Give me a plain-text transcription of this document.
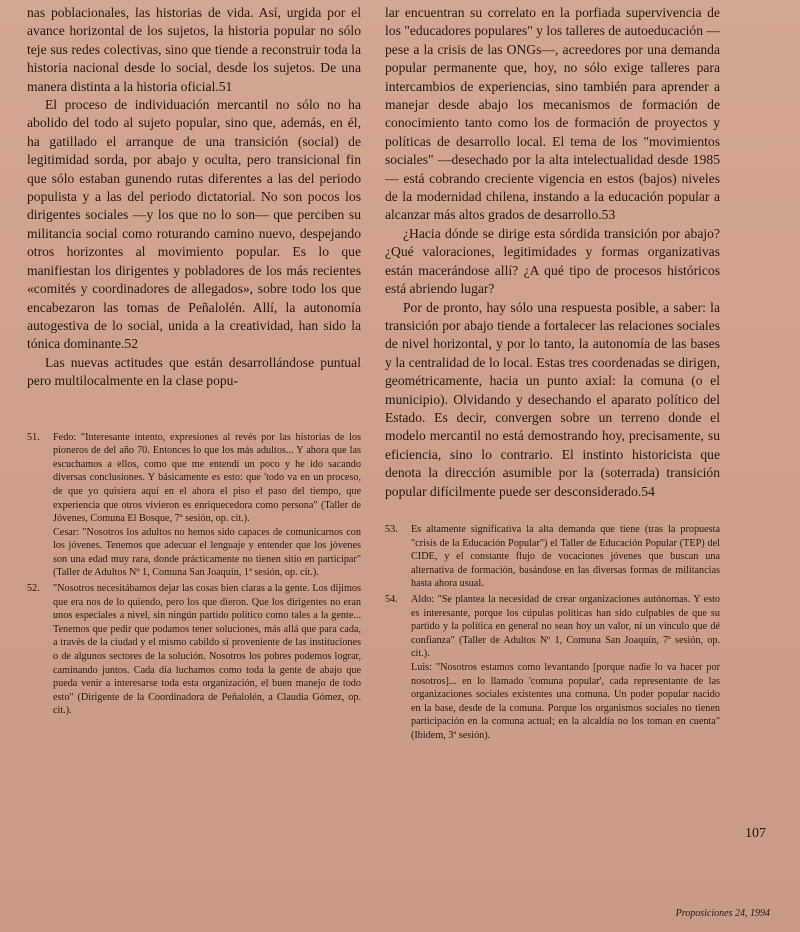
nas poblacionales, las historias de vida. Así, urgida por el avance horizontal de los sujetos, la historia popular no sólo teje sus redes colectivas, sino que tiende a reconstruir toda la historia nacional desde lo social, desde los sujetos. De una manera distinta a la historia oficial.51

El proceso de individuación mercantil no sólo no ha abolido del todo al sujeto popular, sino que, además, en él, ha gatillado el arranque de una transición (social) de legitimidad sorda, por abajo y oculta, pero transicional fin que sólo estaban gunendo rutas diferentes a las del periodo populista y a las del periodo dictatorial. No son pocos los dirigentes sociales —y los que no lo son— que perciben su militancia social como roturando camino nuevo, despejando otros horizontes al movimiento popular. Es lo que manifiestan los dirigentes y pobladores de los más recientes «comités y coordinadores de allegados», sobre todo los que encabezaron las tomas de Peñalolén. Allí, la autonomía autogestiva de lo social, unida a la creatividad, han sido la tónica dominante.52

Las nuevas actitudes que están desarrollándose puntual pero multilocalmente en la clase popu-

51.	Fedo: "Interesante intento, expresiones al revés por las historias de los pioneros de del año 70. Entonces lo que los más adultos... Y ahora que las escuchamos a ellos, como que me entendí un poco y he ido sacando diversas conclusiones. Y básicamente es esto: que 'todo va en un proceso, de que yo quisiera aquí en el ahora el piso el paso del tiempo, que experiencia que otros vivieron es enriquecedora como persona" (Taller de Jóvenes, Comuna El Bosque, 7ª sesión, op. cit.).

Cesar: "Nosotros los adultos no hemos sido capaces de comunicarnos con los jóvenes. Tenemos que adecuar el lenguaje y entender que los jóvenes son una edad muy rara, donde prácticamente no tienen sitio en participar" (Taller de Adultos Nº 1, Comuna San Joaquín, 1ª sesión, op. cit.).

52.	"Nosotros necesitábamos dejar las cosas bien claras a la gente. Los dijimos que era nos de lo quiendo, pero los que dieron. Que los dirigentes no eran unos especiales a nivel, sin ningún partido político como tales a la gente... Tenemos que pedir que podamos tener soluciones, más allá que para cada, a través de la ciudad y el mismo cabildo si proveniente de las instituciones o de algunos sectores de la solución. Nosotros los pobres podemos lograr, caminando juntos. Cada día luchamos como toda la gente de abajo que pueda venir a interesarse toda esta organización, el buen manejo de todo esto" (Dirigente de la Coordinadora de Peñalolén, a Claudia Gómez, op. cit.).

lar encuentran su correlato en la porfiada supervivencia de los "educadores populares" y los talleres de autoeducación —pese a la crisis de las ONGs—, acreedores por una demanda popular permanente que, hoy, no sólo exige talleres para intercambios de experiencias, sino también para aprender a manejar desde abajo los mecanismos de formación de conocimiento tanto como los de formación de proyectos y políticas de desarrollo local. El tema de los "movimientos sociales" —desechado por la alta intelectualidad desde 1985— está cobrando creciente vigencia en estos (bajos) niveles de la modernidad chilena, instando a la educación popular a alcanzar más altos grados de desarrollo.53

¿Hacia dónde se dirige esta sórdida transición por abajo? ¿Qué valoraciones, legitimidades y formas organizativas están macerándose allí? ¿A qué tipo de procesos históricos está abriendo lugar?

Por de pronto, hay sólo una respuesta posible, a saber: la transición por abajo tiende a fortalecer las relaciones sociales de nivel horizontal, y por lo tanto, la autonomía de las bases y la centralidad de lo local. Estas tres coordenadas se dirigen, geométricamente, hacia un punto axial: la comuna (o el municipio). Olvidando y desechando el aparato político del Estado. Es decir, convergen sobre un terreno donde el modelo mercantil no está demostrando hoy, precisamente, su eficiencia, sino lo contrario. El instinto historicista que denota la dirección asumible por la (soterrada) transición popular difícilmente puede ser desconsiderado.54

53.	Es altamente significativa la alta demanda que tiene (tras la propuesta "crisis de la Educación Popular") el Taller de Educación Popular (TEP) del CIDE, y el constante flujo de vocaciones jóvenes que buscan una alternativa de formación, basándose en las diversas formas de militancias hasta ahora usual.

54.	Aldo: "Se plantea la necesidad de crear organizaciones autónomas. Y esto es interesante, porque los cúpulas políticas han sido culpables de que su partido y la política en general no sean hoy un valor, ni un vínculo que dé confianza" (Taller de Adultos Nº 1, Comuna San Joaquín, 7ª sesión, op. cit.).

Luis: "Nosotros estamos como levantando [porque nadie lo va hacer por nosotros]... en lo llamado 'comuna popular', cada representante de las organizaciones sociales existentes una comuna. Un poder popular nacido en la base, desde de la comuna. Porque los organismos sociales no tienen participación en la comuna actual; en la alcaldía no los toman en cuenta" (Ibidem, 3ª sesión).

107
Proposiciones 24, 1994
